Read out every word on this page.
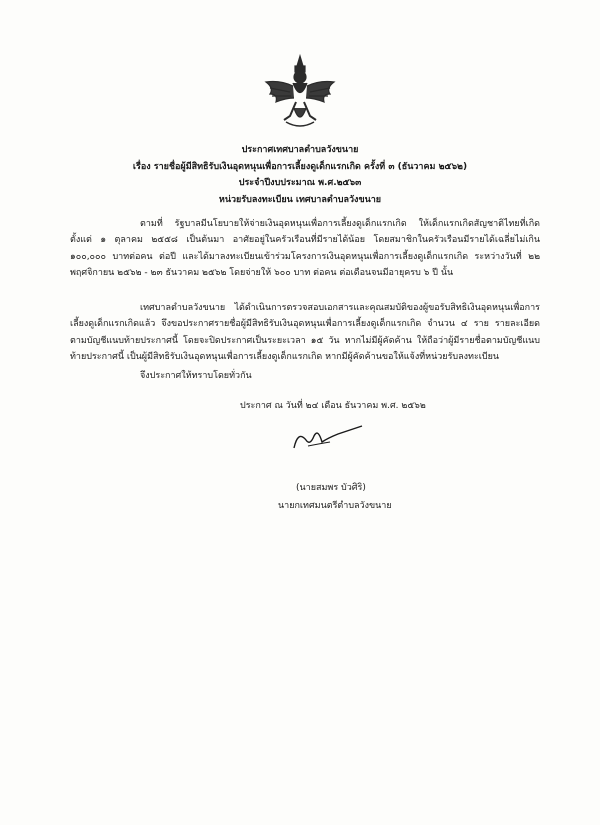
ประกาศเทศบาลตำบลวังขนาย
เรื่อง รายชื่อผู้มีสิทธิรับเงินอุดหนุนเพื่อการเลี้ยงดูเด็กแรกเกิด ครั้งที่ ๓ (ธันวาคม ๒๕๖๒)
ประจำปีงบประมาณ พ.ศ.๒๕๖๓
หน่วยรับลงทะเบียน เทศบาลตำบลวังขนาย

ตามที่ รัฐบาลมีนโยบายให้จ่ายเงินอุดหนุนเพื่อการเลี้ยงดูเด็กแรกเกิด ให้เด็กแรกเกิดสัญชาติไทยที่เกิดตั้งแต่ ๑ ตุลาคม ๒๕๕๘ เป็นต้นมา อาศัยอยู่ในครัวเรือนที่มีรายได้น้อย โดยสมาชิกในครัวเรือนมีรายได้เฉลี่ยไม่เกิน ๑๐๐,๐๐๐ บาทต่อคน ต่อปี และได้มาลงทะเบียนเข้าร่วมโครงการเงินอุดหนุนเพื่อการเลี้ยงดูเด็กแรกเกิด ระหว่างวันที่ ๒๒ พฤศจิกายน ๒๕๖๒ - ๒๓ ธันวาคม ๒๕๖๒ โดยจ่ายให้ ๖๐๐ บาท ต่อคน ต่อเดือนจนมีอายุครบ ๖ ปี นั้น

เทศบาลตำบลวังขนาย ได้ดำเนินการตรวจสอบเอกสารและคุณสมบัติของผู้ขอรับสิทธิเงินอุดหนุนเพื่อการเลี้ยงดูเด็กแรกเกิดแล้ว จึงขอประกาศรายชื่อผู้มีสิทธิรับเงินอุดหนุนเพื่อการเลี้ยงดูเด็กแรกเกิด จำนวน ๔ ราย รายละเอียดตามบัญชีแนบท้ายประกาศนี้ โดยจะปิดประกาศเป็นระยะเวลา ๑๕ วัน หากไม่มีผู้คัดค้าน ให้ถือว่าผู้มีรายชื่อตามบัญชีแนบท้ายประกาศนี้ เป็นผู้มีสิทธิรับเงินอุดหนุนเพื่อการเลี้ยงดูเด็กแรกเกิด หากมีผู้คัดค้านขอให้แจ้งที่หน่วยรับลงทะเบียน

จึงประกาศให้ทราบโดยทั่วกัน
ประกาศ ณ วันที่ ๒๔ เดือน ธันวาคม พ.ศ. ๒๕๖๒
(นายสมพร บัวศิริ)
นายกเทศมนตรีตำบลวังขนาย
